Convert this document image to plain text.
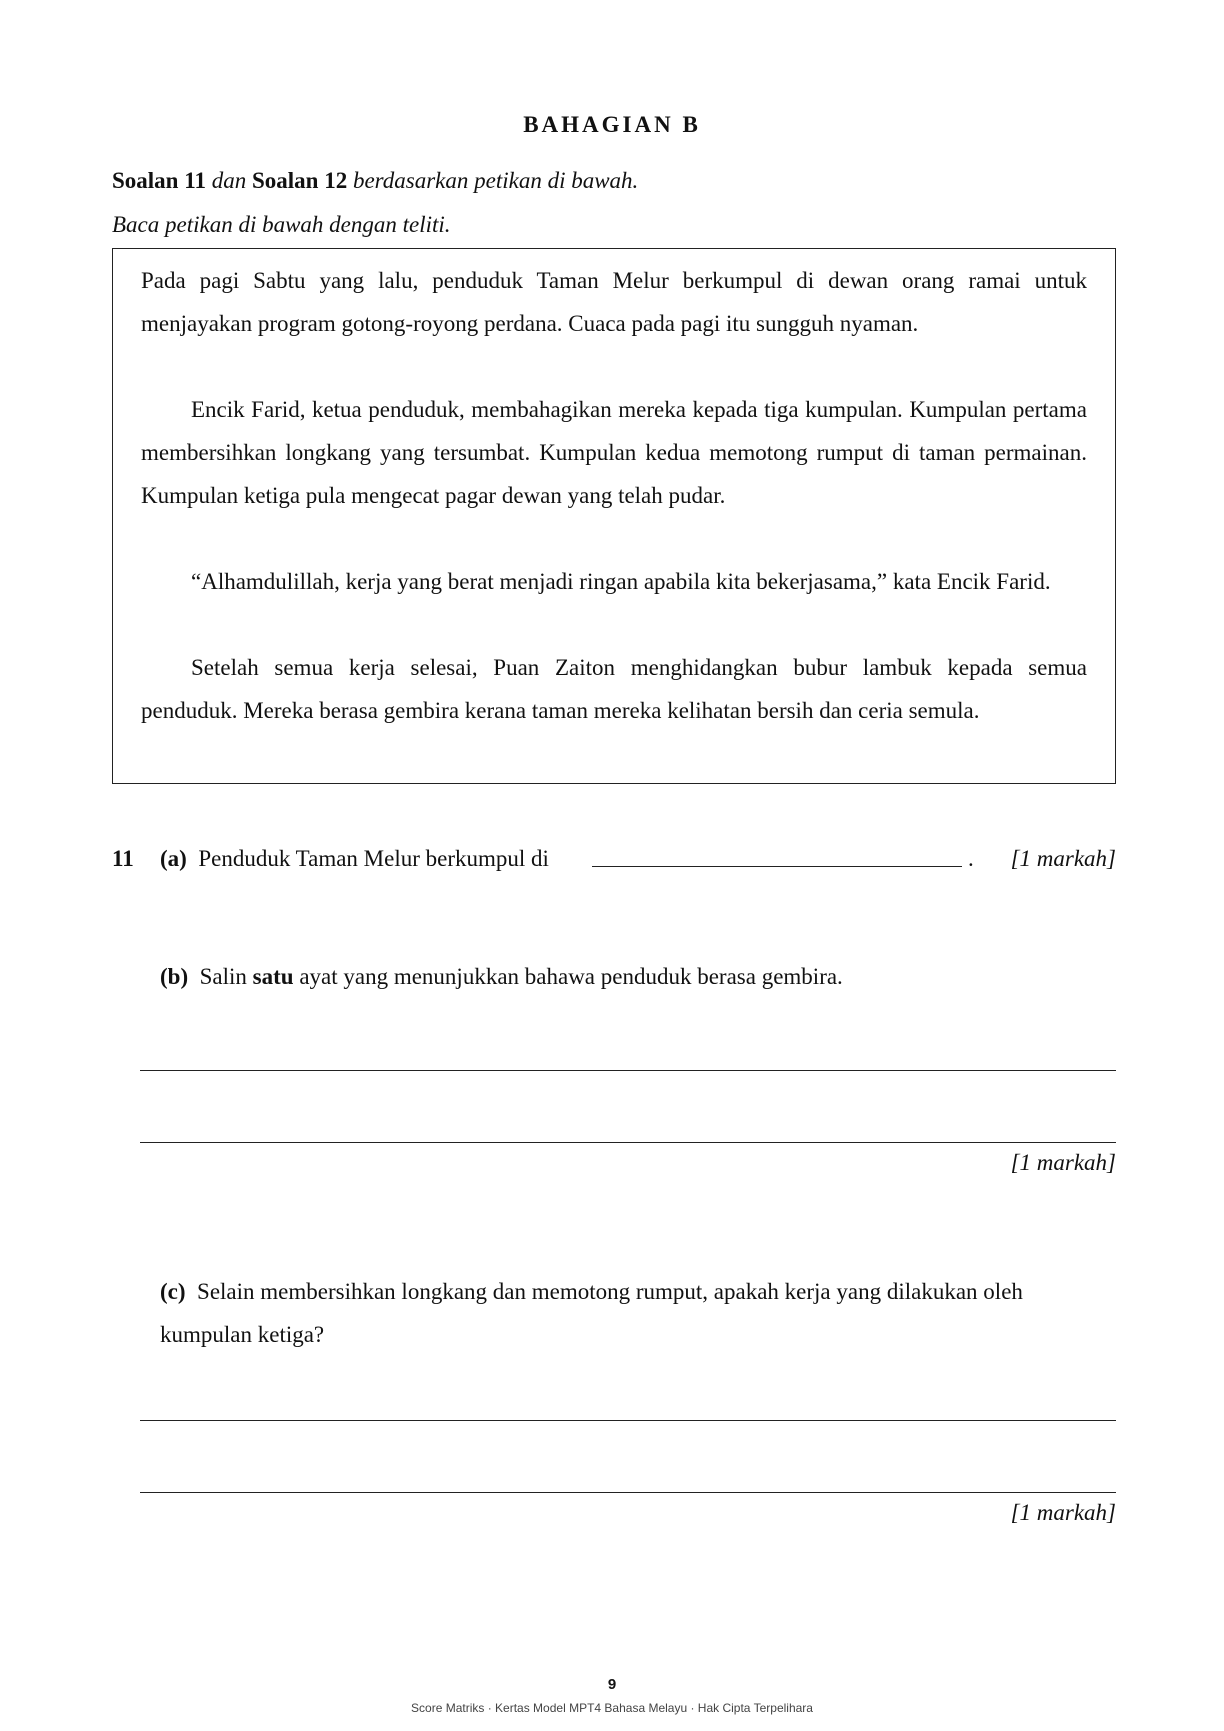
BAHAGIAN B
Soalan 11 dan Soalan 12 berdasarkan petikan di bawah.
Baca petikan di bawah dengan teliti.

Pada pagi Sabtu yang lalu, penduduk Taman Melur berkumpul di dewan orang ramai untuk menjayakan program gotong-royong perdana. Cuaca pada pagi itu sungguh nyaman.

Encik Farid, ketua penduduk, membahagikan mereka kepada tiga kumpulan. Kumpulan pertama membersihkan longkang yang tersumbat. Kumpulan kedua memotong rumput di taman permainan. Kumpulan ketiga pula mengecat pagar dewan yang telah pudar.

“Alhamdulillah, kerja yang berat menjadi ringan apabila kita bekerjasama,” kata Encik Farid.

Setelah semua kerja selesai, Puan Zaiton menghidangkan bubur lambuk kepada semua penduduk. Mereka berasa gembira kerana taman mereka kelihatan bersih dan ceria semula.

11 (a) Penduduk Taman Melur berkumpul di	. [1 markah]
(b) Salin satu ayat yang menunjukkan bahawa penduduk berasa gembira.
[1 markah]
(c) Selain membersihkan longkang dan memotong rumput, apakah kerja yang dilakukan oleh kumpulan ketiga?
[1 markah]
9
Score Matriks · Kertas Model MPT4 Bahasa Melayu · Hak Cipta Terpelihara
